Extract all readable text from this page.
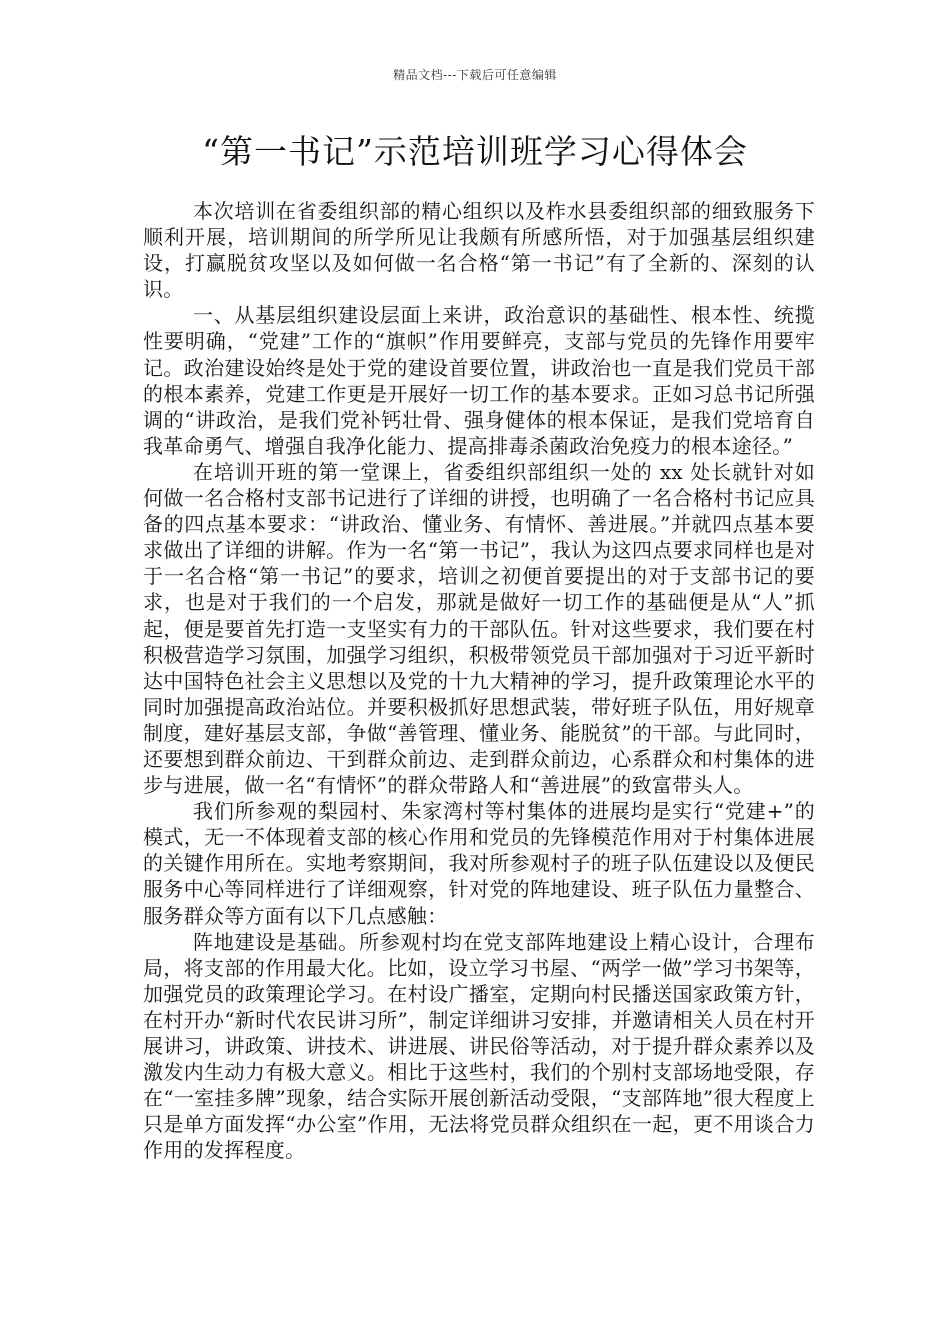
精品文档---下载后可任意编辑
“第一书记”示范培训班学习心得体会

本次培训在省委组织部的精心组织以及柞水县委组织部的细致服务下顺利开展，培训期间的所学所见让我颇有所感所悟，对于加强基层组织建设，打赢脱贫攻坚以及如何做一名合格“第一书记”有了全新的、深刻的认识。

一、从基层组织建设层面上来讲，政治意识的基础性、根本性、统揽性要明确，“党建”工作的“旗帜”作用要鲜亮，支部与党员的先锋作用要牢记。政治建设始终是处于党的建设首要位置，讲政治也一直是我们党员干部的根本素养，党建工作更是开展好一切工作的基本要求。正如习总书记所强调的“讲政治，是我们党补钙壮骨、强身健体的根本保证，是我们党培育自我革命勇气、增强自我净化能力、提高排毒杀菌政治免疫力的根本途径。”

在培训开班的第一堂课上，省委组织部组织一处的 xx 处长就针对如何做一名合格村支部书记进行了详细的讲授，也明确了一名合格村书记应具备的四点基本要求：“讲政治、懂业务、有情怀、善进展。”并就四点基本要求做出了详细的讲解。作为一名“第一书记”，我认为这四点要求同样也是对于一名合格“第一书记”的要求，培训之初便首要提出的对于支部书记的要求，也是对于我们的一个启发，那就是做好一切工作的基础便是从“人”抓起，便是要首先打造一支坚实有力的干部队伍。针对这些要求，我们要在村积极营造学习氛围，加强学习组织，积极带领党员干部加强对于习近平新时达中国特色社会主义思想以及党的十九大精神的学习，提升政策理论水平的同时加强提高政治站位。并要积极抓好思想武装，带好班子队伍，用好规章制度，建好基层支部，争做“善管理、懂业务、能脱贫”的干部。与此同时，还要想到群众前边、干到群众前边、走到群众前边，心系群众和村集体的进步与进展，做一名“有情怀”的群众带路人和“善进展”的致富带头人。

我们所参观的梨园村、朱家湾村等村集体的进展均是实行“党建+”的模式，无一不体现着支部的核心作用和党员的先锋模范作用对于村集体进展的关键作用所在。实地考察期间，我对所参观村子的班子队伍建设以及便民服务中心等同样进行了详细观察，针对党的阵地建设、班子队伍力量整合、服务群众等方面有以下几点感触：

阵地建设是基础。所参观村均在党支部阵地建设上精心设计，合理布局，将支部的作用最大化。比如，设立学习书屋、“两学一做”学习书架等，加强党员的政策理论学习。在村设广播室，定期向村民播送国家政策方针，在村开办“新时代农民讲习所”，制定详细讲习安排，并邀请相关人员在村开展讲习，讲政策、讲技术、讲进展、讲民俗等活动，对于提升群众素养以及激发内生动力有极大意义。相比于这些村，我们的个别村支部场地受限，存在“一室挂多牌”现象，结合实际开展创新活动受限，“支部阵地”很大程度上只是单方面发挥“办公室”作用，无法将党员群众组织在一起，更不用谈合力作用的发挥程度。
